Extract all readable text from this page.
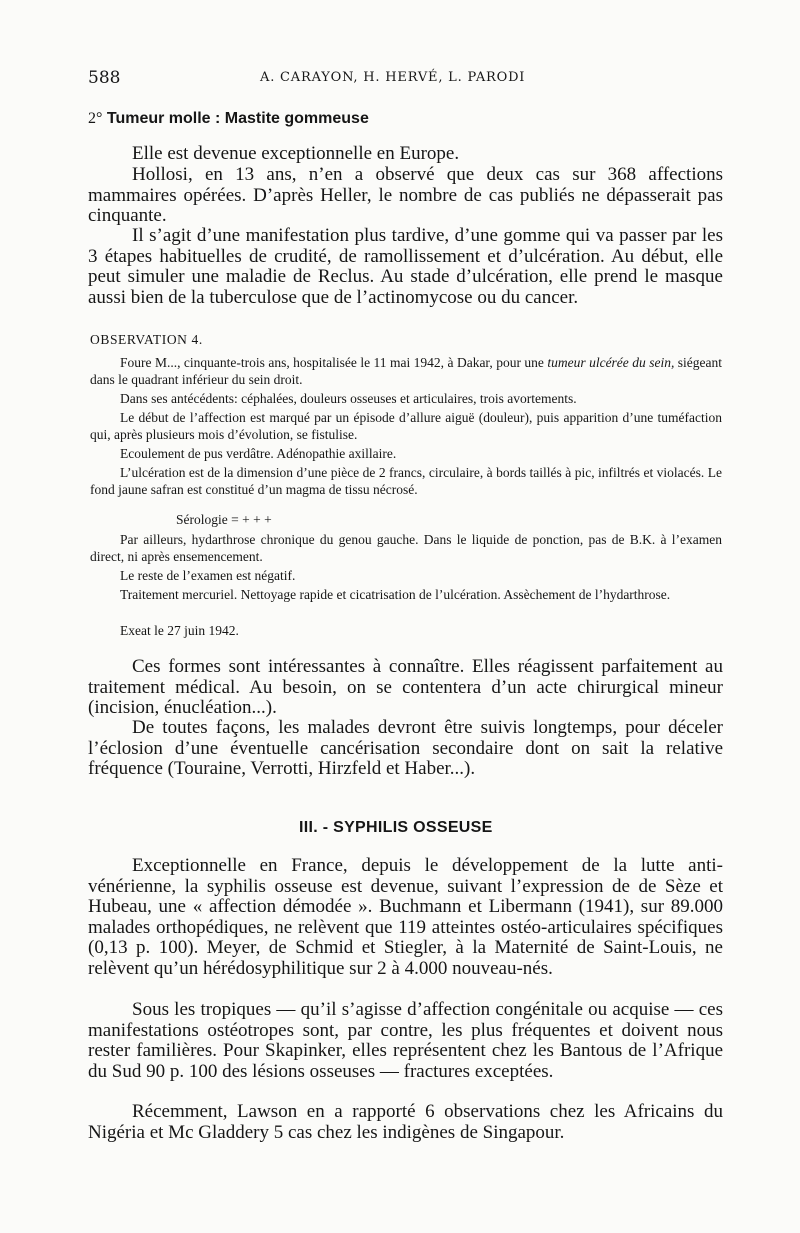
588	A. CARAYON, H. HERVÉ, L. PARODI
2° Tumeur molle : Mastite gommeuse

Elle est devenue exceptionnelle en Europe.

Hollosi, en 13 ans, n’en a observé que deux cas sur 368 affections mammaires opérées. D’après Heller, le nombre de cas publiés ne dépasserait pas cinquante.

Il s’agit d’une manifestation plus tardive, d’une gomme qui va passer par les 3 étapes habituelles de crudité, de ramollissement et d’ulcération. Au début, elle peut simuler une maladie de Reclus. Au stade d’ulcération, elle prend le masque aussi bien de la tuberculose que de l’actinomycose ou du cancer.

OBSERVATION 4.

Foure M..., cinquante-trois ans, hospitalisée le 11 mai 1942, à Dakar, pour une tumeur ulcérée du sein, siégeant dans le quadrant inférieur du sein droit.

Dans ses antécédents: céphalées, douleurs osseuses et articulaires, trois avortements.

Le début de l’affection est marqué par un épisode d’allure aiguë (douleur), puis apparition d’une tuméfaction qui, après plusieurs mois d’évolution, se fistulise.

Ecoulement de pus verdâtre. Adénopathie axillaire.

L’ulcération est de la dimension d’une pièce de 2 francs, circulaire, à bords taillés à pic, infiltrés et violacés. Le fond jaune safran est constitué d’un magma de tissu nécrosé.

Sérologie = + + +

Par ailleurs, hydarthrose chronique du genou gauche. Dans le liquide de ponction, pas de B.K. à l’examen direct, ni après ensemencement.

Le reste de l’examen est négatif.

Traitement mercuriel. Nettoyage rapide et cicatrisation de l’ulcération. Assèchement de l’hydarthrose.

Exeat le 27 juin 1942.

Ces formes sont intéressantes à connaître. Elles réagissent parfaitement au traitement médical. Au besoin, on se contentera d’un acte chirurgical mineur (incision, énucléation...).

De toutes façons, les malades devront être suivis longtemps, pour déceler l’éclosion d’une éventuelle cancérisation secondaire dont on sait la relative fréquence (Touraine, Verrotti, Hirzfeld et Haber...).

III. - SYPHILIS OSSEUSE

Exceptionnelle en France, depuis le développement de la lutte anti-vénérienne, la syphilis osseuse est devenue, suivant l’expression de de Sèze et Hubeau, une « affection démodée ». Buchmann et Libermann (1941), sur 89.000 malades orthopédiques, ne relèvent que 119 atteintes ostéo-articulaires spécifiques (0,13 p. 100). Meyer, de Schmid et Stiegler, à la Maternité de Saint-Louis, ne relèvent qu’un hérédosyphilitique sur 2 à 4.000 nouveau-nés.

Sous les tropiques — qu’il s’agisse d’affection congénitale ou acquise — ces manifestations ostéotropes sont, par contre, les plus fréquentes et doivent nous rester familières. Pour Skapinker, elles représentent chez les Bantous de l’Afrique du Sud 90 p. 100 des lésions osseuses — fractures exceptées.

Récemment, Lawson en a rapporté 6 observations chez les Africains du Nigéria et Mc Gladdery 5 cas chez les indigènes de Singapour.
